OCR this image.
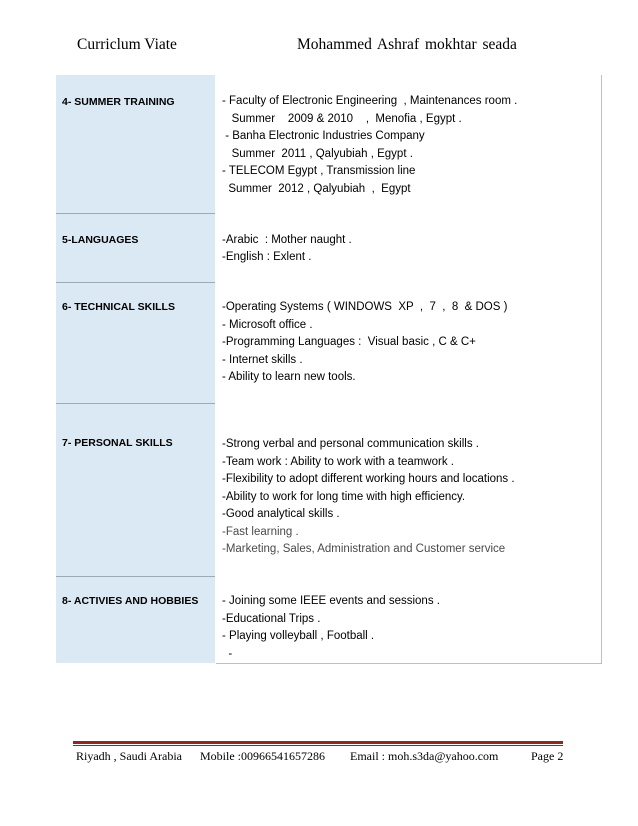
Curriclum Viate	Mohammed Ashraf mokhtar seada
4- SUMMER TRAINING	- Faculty of Electronic Engineering  , Maintenances room .
Summer    2009 & 2010    ,  Menofia , Egypt .
- Banha Electronic Industries Company
Summer  2011 , Qalyubiah , Egypt .
- TELECOM Egypt , Transmission line
Summer  2012 , Qalyubiah  ,  Egypt
5-LANGUAGES	-Arabic  : Mother naught .
-English : Exlent .
6- TECHNICAL SKILLS	-Operating Systems ( WINDOWS  XP  ,  7  ,  8  & DOS )
- Microsoft office .
-Programming Languages :  Visual basic , C & C+
- Internet skills .
- Ability to learn new tools.
7- PERSONAL SKILLS	-Strong verbal and personal communication skills .
-Team work : Ability to work with a teamwork .
-Flexibility to adopt different working hours and locations .
-Ability to work for long time with high efficiency.
-Good analytical skills .
-Fast learning .
-Marketing, Sales, Administration and Customer service
8- ACTIVIES AND HOBBIES - Joining some IEEE events and sessions .
-Educational Trips .
- Playing volleyball , Football .
-
Riyadh , Saudi Arabia Mobile :00966541657286 Email : moh.s3da@yahoo.com	Page 2
